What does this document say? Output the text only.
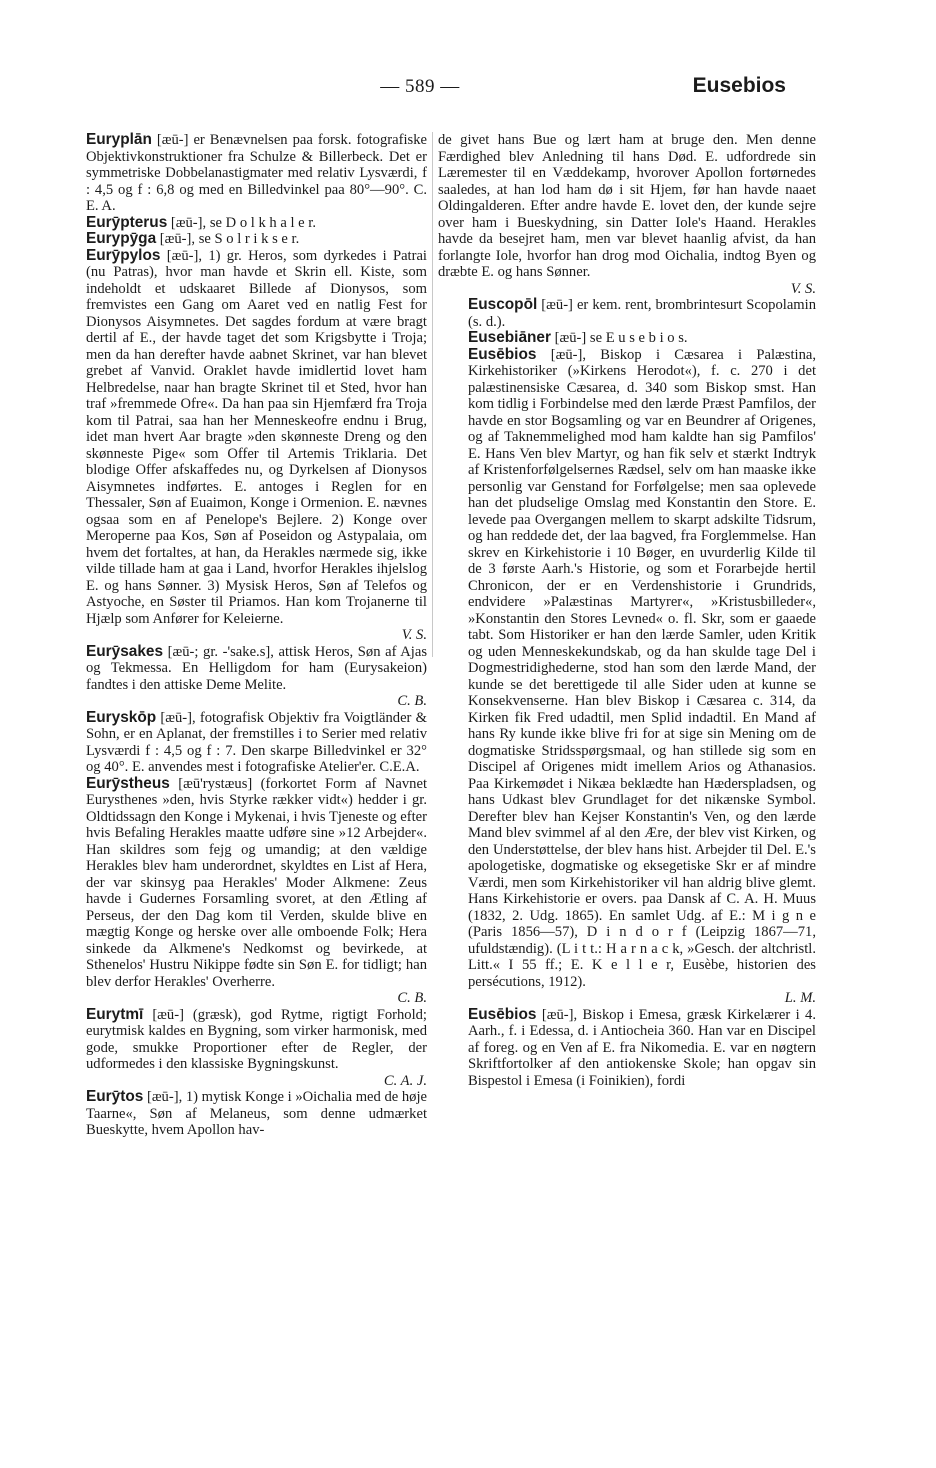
— 589 —	Eusebios

Euryplān [æū-] er Benævnelsen paa forsk. fotografiske Objektivkonstruktioner fra Schulze & Billerbeck. Det er symmetriske Dobbelanastigmater med relativ Lysværdi, f : 4,5 og f : 6,8 og med en Billedvinkel paa 80°—90°. C. E. A.

Eurȳpterus [æū-], se D o l k h a l e r.

Eurypȳga [æū-], se S o l r i k s e r.

Eurȳpylos [æū-], 1) gr. Heros, som dyrkedes i Patrai (nu Patras), hvor man havde et Skrin ell. Kiste, som indeholdt et udskaaret Billede af Dionysos, som fremvistes een Gang om Aaret ved en natlig Fest for Dionysos Aisymnetes. Det sagdes fordum at være bragt dertil af E., der havde taget det som Krigsbytte i Troja; men da han derefter havde aabnet Skrinet, var han blevet grebet af Vanvid. Oraklet havde imidlertid lovet ham Helbredelse, naar han bragte Skrinet til et Sted, hvor han traf »fremmede Ofre«. Da han paa sin Hjemfærd fra Troja kom til Patrai, saa han her Menneskeofre endnu i Brug, idet man hvert Aar bragte »den skønneste Dreng og den skønneste Pige« som Offer til Artemis Triklaria. Det blodige Offer afskaffedes nu, og Dyrkelsen af Dionysos Aisymnetes indførtes. E. antoges i Reglen for en Thessaler, Søn af Euaimon, Konge i Ormenion. E. nævnes ogsaa som en af Penelope's Bejlere. 2) Konge over Meroperne paa Kos, Søn af Poseidon og Astypalaia, om hvem det fortaltes, at han, da Herakles nærmede sig, ikke vilde tillade ham at gaa i Land, hvorfor Herakles ihjelslog E. og hans Sønner. 3) Mysisk Heros, Søn af Telefos og Astyoche, en Søster til Priamos. Han kom Trojanerne til Hjælp som Anfører for Keleierne.
V. S.

Eurȳsakes [æū-; gr. -'sake.s], attisk Heros, Søn af Ajas og Tekmessa. En Helligdom for ham (Eurysakeion) fandtes i den attiske Deme Melite.
C. B.

Euryskōp [æū-], fotografisk Objektiv fra Voigtländer & Sohn, er en Aplanat, der fremstilles i to Serier med relativ Lysværdi f : 4,5 og f : 7. Den skarpe Billedvinkel er 32° og 40°. E. anvendes mest i fotografiske Atelier'er. C.E.A.

Eurȳstheus [æū'rystæus] (forkortet Form af Navnet Eurysthenes »den, hvis Styrke rækker vidt«) hedder i gr. Oldtidssagn den Konge i Mykenai, i hvis Tjeneste og efter hvis Befaling Herakles maatte udføre sine »12 Arbejder«. Han skildres som fejg og umandig; at den vældige Herakles blev ham underordnet, skyldtes en List af Hera, der var skinsyg paa Herakles' Moder Alkmene: Zeus havde i Gudernes Forsamling svoret, at den Ætling af Perseus, der den Dag kom til Verden, skulde blive en mægtig Konge og herske over alle omboende Folk; Hera sinkede da Alkmene's Nedkomst og bevirkede, at Sthenelos' Hustru Nikippe fødte sin Søn E. for tidligt; han blev derfor Herakles' Overherre.
C. B.

Eurytmī [æū-] (græsk), god Rytme, rigtigt Forhold; eurytmisk kaldes en Bygning, som virker harmonisk, med gode, smukke Proportioner efter de Regler, der udformedes i den klassiske Bygningskunst.
C. A. J.

Eurȳtos [æū-], 1) mytisk Konge i »Oichalia med de høje Taarne«, Søn af Melaneus, som denne udmærket Bueskytte, hvem Apollon hav-

de givet hans Bue og lært ham at bruge den. Men denne Færdighed blev Anledning til hans Død. E. udfordrede sin Læremester til en Væddekamp, hvorover Apollon fortørnedes saaledes, at han lod ham dø i sit Hjem, før han havde naaet Oldingalderen. Efter andre havde E. lovet den, der kunde sejre over ham i Bueskydning, sin Datter Iole's Haand. Herakles havde da besejret ham, men var blevet haanlig afvist, da han forlangte Iole, hvorfor han drog mod Oichalia, indtog Byen og dræbte E. og hans Sønner.
V. S.

Euscopōl [æū-] er kem. rent, brombrintesurt Scopolamin (s. d.).

Eusebiāner [æū-] se E u s e b i o s.

Eusēbios [æū-], Biskop i Cæsarea i Palæstina, Kirkehistoriker (»Kirkens Herodot«), f. c. 270 i det palæstinensiske Cæsarea, d. 340 som Biskop smst. Han kom tidlig i Forbindelse med den lærde Præst Pamfilos, der havde en stor Bogsamling og var en Beundrer af Origenes, og af Taknemmelighed mod ham kaldte han sig Pamfilos' E. Hans Ven blev Martyr, og han fik selv et stærkt Indtryk af Kristenforfølgelsernes Rædsel, selv om han maaske ikke personlig var Genstand for Forfølgelse; men saa oplevede han det pludselige Omslag med Konstantin den Store. E. levede paa Overgangen mellem to skarpt adskilte Tidsrum, og han reddede det, der laa bagved, fra Forglemmelse. Han skrev en Kirkehistorie i 10 Bøger, en uvurderlig Kilde til de 3 første Aarh.'s Historie, og som et Forarbejde hertil Chronicon, der er en Verdenshistorie i Grundrids, endvidere »Palæstinas Martyrer«, »Kristusbilleder«, »Konstantin den Stores Levned« o. fl. Skr, som er gaaede tabt. Som Historiker er han den lærde Samler, uden Kritik og uden Menneskekundskab, og da han skulde tage Del i Dogmestridighederne, stod han som den lærde Mand, der kunde se det berettigede til alle Sider uden at kunne se Konsekvenserne. Han blev Biskop i Cæsarea c. 314, da Kirken fik Fred udadtil, men Splid indadtil. En Mand af hans Ry kunde ikke blive fri for at sige sin Mening om de dogmatiske Stridsspørgsmaal, og han stillede sig som en Discipel af Origenes midt imellem Arios og Athanasios. Paa Kirkemødet i Nikæa beklædte han Hæderspladsen, og hans Udkast blev Grundlaget for det nikænske Symbol. Derefter blev han Kejser Konstantin's Ven, og den lærde Mand blev svimmel af al den Ære, der blev vist Kirken, og den Understøttelse, der blev hans hist. Arbejder til Del. E.'s apologetiske, dogmatiske og eksegetiske Skr er af mindre Værdi, men som Kirkehistoriker vil han aldrig blive glemt. Hans Kirkehistorie er overs. paa Dansk af C. A. H. Muus (1832, 2. Udg. 1865). En samlet Udg. af E.: M i g n e (Paris 1856—57), D i n d o r f (Leipzig 1867—71, ufuldstændig). (L i t t.: H a r n a c k, »Gesch. der altchristl. Litt.« I 55 ff.; E. K e l l e r, Eusèbe, historien des persécutions, 1912).
L. M.

Eusēbios [æū-], Biskop i Emesa, græsk Kirkelærer i 4. Aarh., f. i Edessa, d. i Antiocheia 360. Han var en Discipel af foreg. og en Ven af E. fra Nikomedia. E. var en nøgtern Skriftfortolker af den antiokenske Skole; han opgav sin Bispestol i Emesa (i Foinikien), fordi
